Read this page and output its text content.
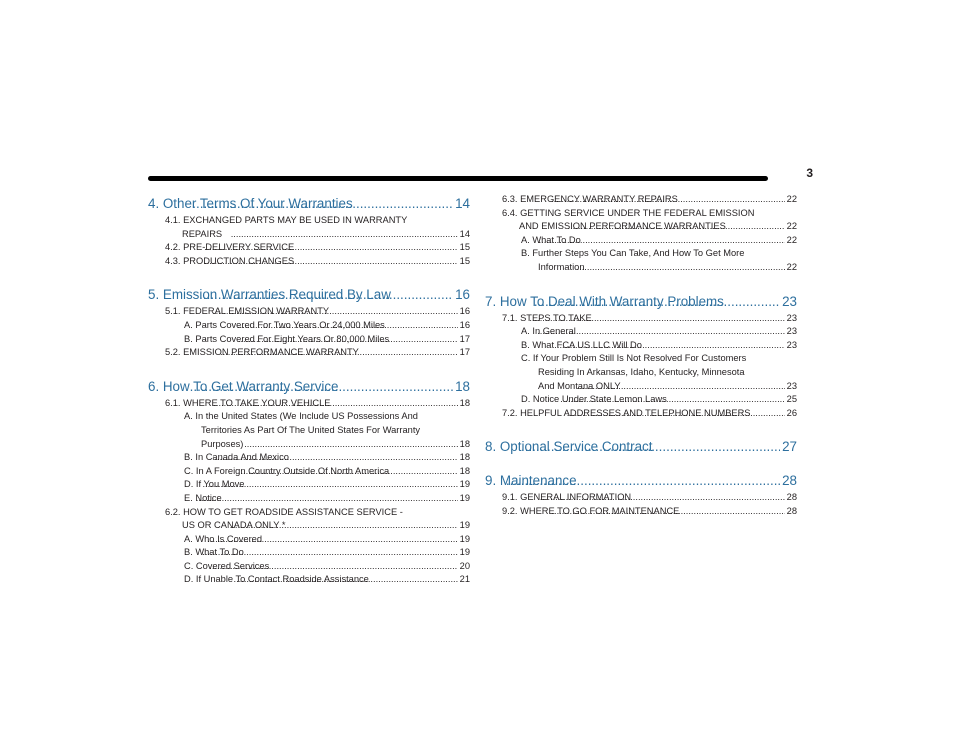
3
4. Other Terms Of Your Warranties .....	14
4.1. EXCHANGED PARTS MAY BE USED IN WARRANTY
REPAIRS .....	14
4.2. PRE-DELIVERY SERVICE .....	15
4.3. PRODUCTION CHANGES .....	15
5. Emission Warranties Required By Law .....	16
5.1. FEDERAL EMISSION WARRANTY .....	16
A. Parts Covered For Two Years Or 24,000 Miles .....	16
B. Parts Covered For Eight Years Or 80,000 Miles .....	17
5.2. EMISSION PERFORMANCE WARRANTY .....	17
6. How To Get Warranty Service .....	18
6.1. WHERE TO TAKE YOUR VEHICLE .....	18
A. In the United States (We Include US Possessions And
Territories As Part Of The United States For Warranty
Purposes) .....	18
B. In Canada And Mexico .....	18
C. In A Foreign Country Outside Of North America .....	18
D. If You Move .....	19
E. Notice .....	19
6.2. HOW TO GET ROADSIDE ASSISTANCE SERVICE -
US OR CANADA ONLY * .....	19
A. Who Is Covered .....	19
B. What To Do .....	19
C. Covered Services .....	20
D. If Unable To Contact Roadside Assistance .....	21
6.3. EMERGENCY WARRANTY REPAIRS .....	22
6.4. GETTING SERVICE UNDER THE FEDERAL EMISSION
AND EMISSION PERFORMANCE WARRANTIES .....	22
A. What To Do .....	22
B. Further Steps You Can Take, And How To Get More
Information .....	22
7. How To Deal With Warranty Problems .....	23
7.1. STEPS TO TAKE .....	23
A. In General .....	23
B. What FCA US LLC Will Do .....	23
C. If Your Problem Still Is Not Resolved For Customers
Residing In Arkansas, Idaho, Kentucky, Minnesota
And Montana ONLY .....	23
D. Notice Under State Lemon Laws .....	25
7.2. HELPFUL ADDRESSES AND TELEPHONE NUMBERS .....	26
8. Optional Service Contract .....	27
9. Maintenance .....	28
9.1. GENERAL INFORMATION .....	28
9.2. WHERE TO GO FOR MAINTENANCE .....	28
